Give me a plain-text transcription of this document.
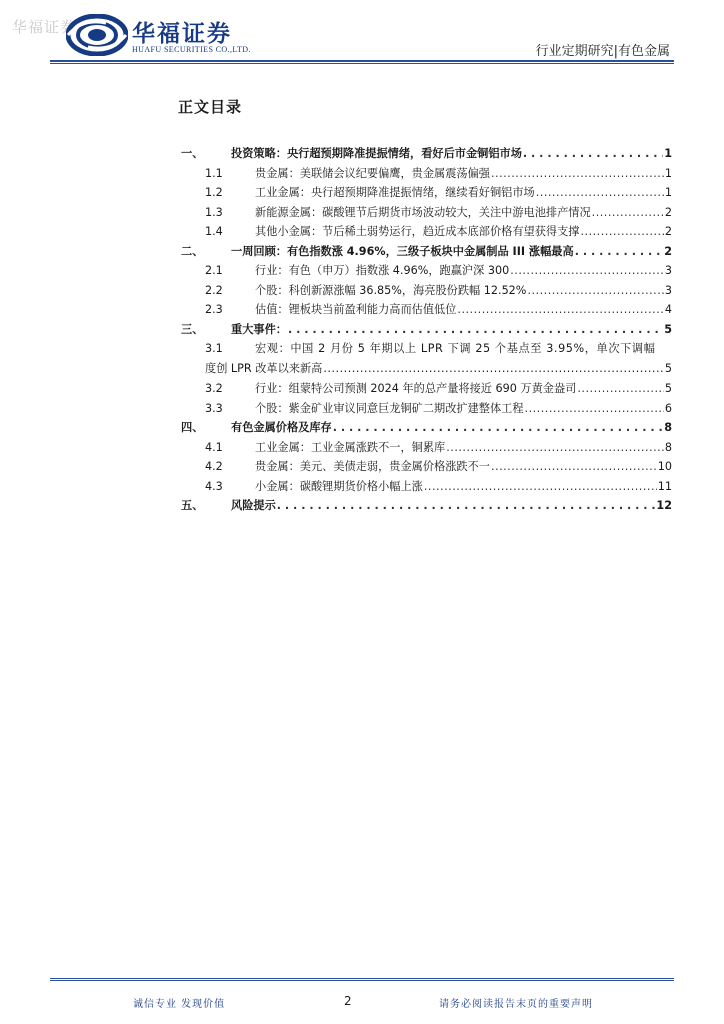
华福证券 华福证券
HUAFU SECURITIES CO.,LTD.	行业定期研究|有色金属
正文目录
一、	投资策略：央行超预期降准提振情绪，看好后市金铜铝市场 . . .	1
1.1	贵金属：美联储会议纪要偏鹰，贵金属震荡偏强 .....	1
1.2	工业金属：央行超预期降准提振情绪，继续看好铜铝市场 .....	1
1.3	新能源金属：碳酸锂节后期货市场波动较大，关注中游电池排产情况 .....	2
1.4	其他小金属：节后稀土弱势运行，趋近成本底部价格有望获得支撑 .....	2
二、	一周回顾：有色指数涨 4.96%，三级子板块中金属制品 III 涨幅最高 . . .	2
2.1	行业：有色（申万）指数涨 4.96%，跑赢沪深 300 .....	3
2.2	个股：科创新源涨幅 36.85%，海亮股份跌幅 12.52% .....	3
2.3	估值：锂板块当前盈利能力高而估值低位 .....	4
三、	重大事件： . . .	5
3.1	宏观：中国 2 月份 5 年期以上 LPR 下调 25 个基点至 3.95%，单次下调幅
度创 LPR 改革以来新高 .....	5
3.2	行业：组蒙特公司预测 2024 年的总产量将接近 690 万黄金盎司 .....	5
3.3	个股：紫金矿业审议同意巨龙铜矿二期改扩建整体工程 .....	6
四、	有色金属价格及库存 . . .	8
4.1	工业金属：工业金属涨跌不一，铜累库 .....	8
4.2	贵金属：美元、美债走弱，贵金属价格涨跌不一 .....	10
4.3	小金属：碳酸锂期货价格小幅上涨 .....	11
五、	风险提示 . . .	12
诚信专业 发现价值	2	请务必阅读报告末页的重要声明
